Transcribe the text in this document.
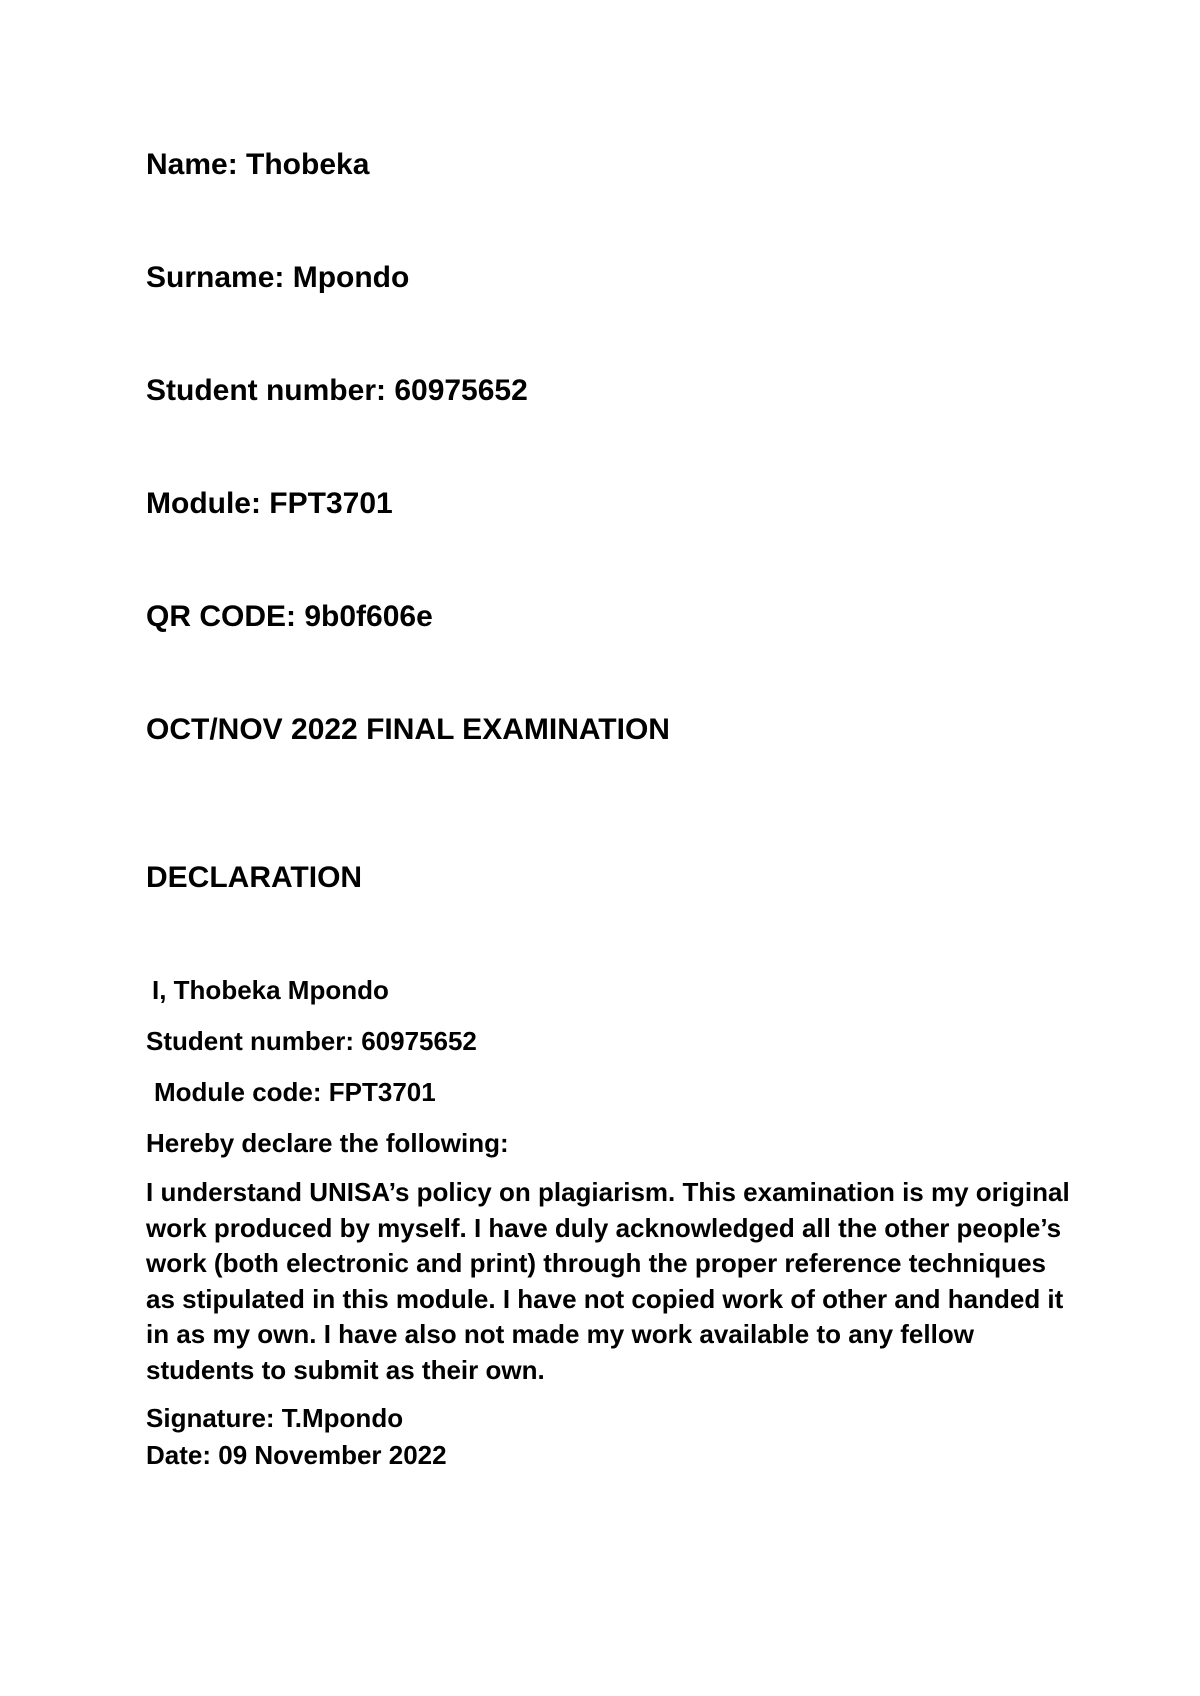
Name: Thobeka
Surname: Mpondo
Student number: 60975652
Module: FPT3701
QR CODE: 9b0f606e
OCT/NOV 2022 FINAL EXAMINATION
DECLARATION
I, Thobeka Mpondo
Student number: 60975652
Module code: FPT3701
Hereby declare the following:
I understand UNISA’s policy on plagiarism. This examination is my original work produced by myself. I have duly acknowledged all the other people’s work (both electronic and print) through the proper reference techniques as stipulated in this module. I have not copied work of other and handed it in as my own. I have also not made my work available to any fellow students to submit as their own.
Signature: T.Mpondo
Date: 09 November 2022
